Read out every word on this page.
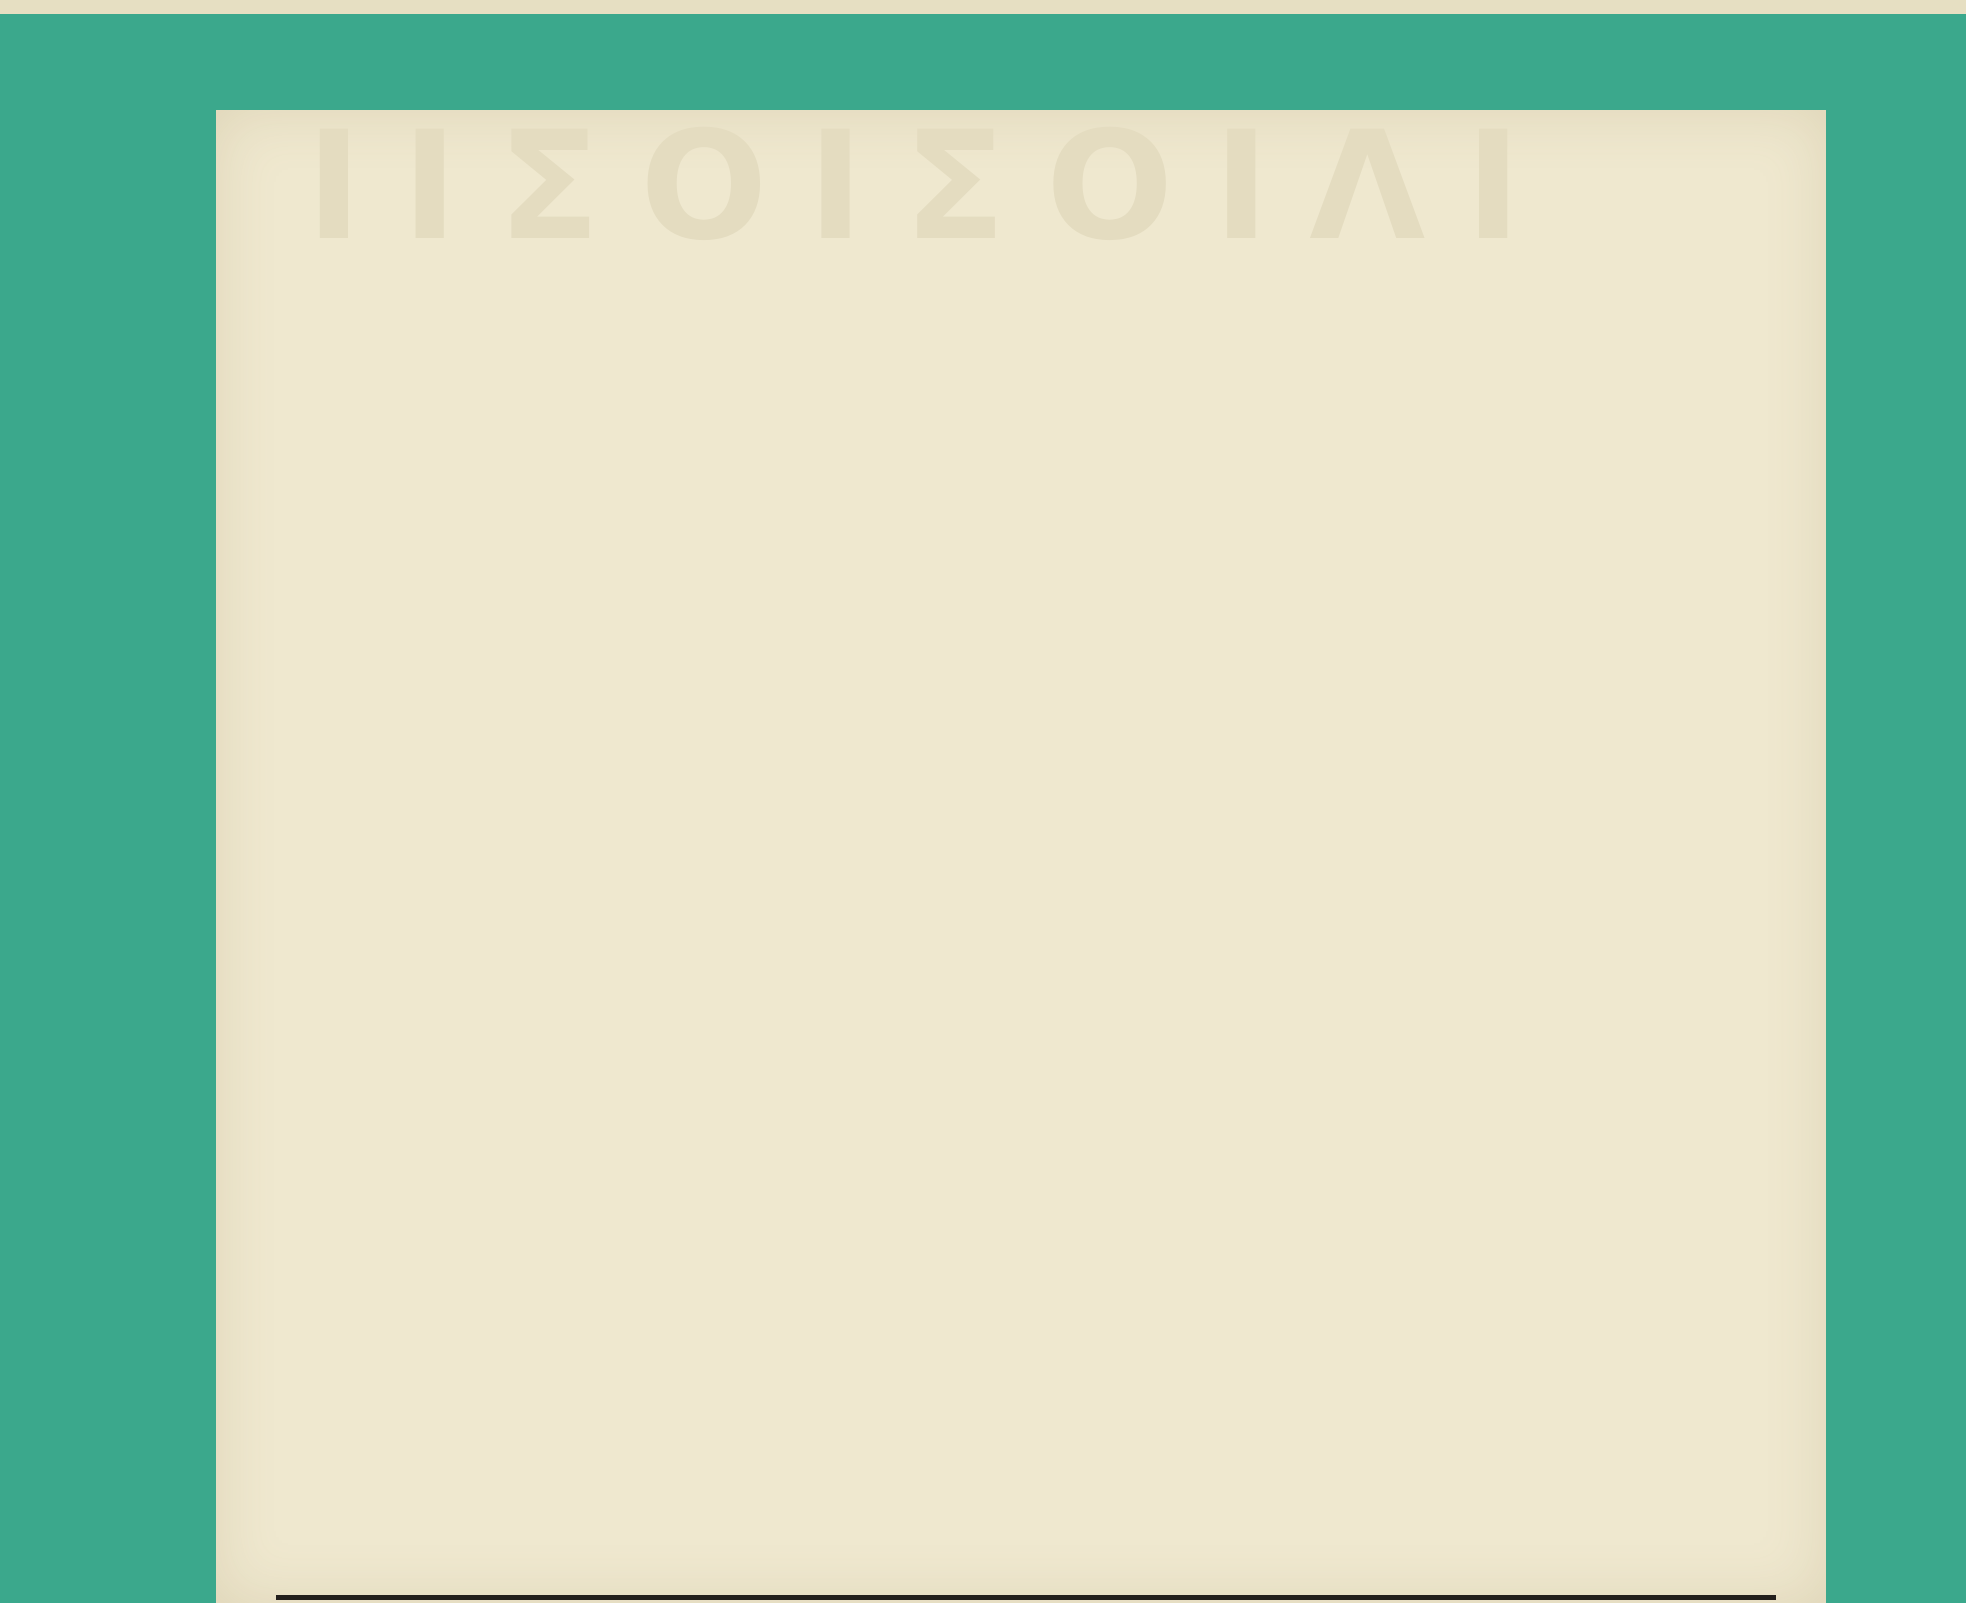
ΙΙΣΟΙΣΟΙΛΙ
